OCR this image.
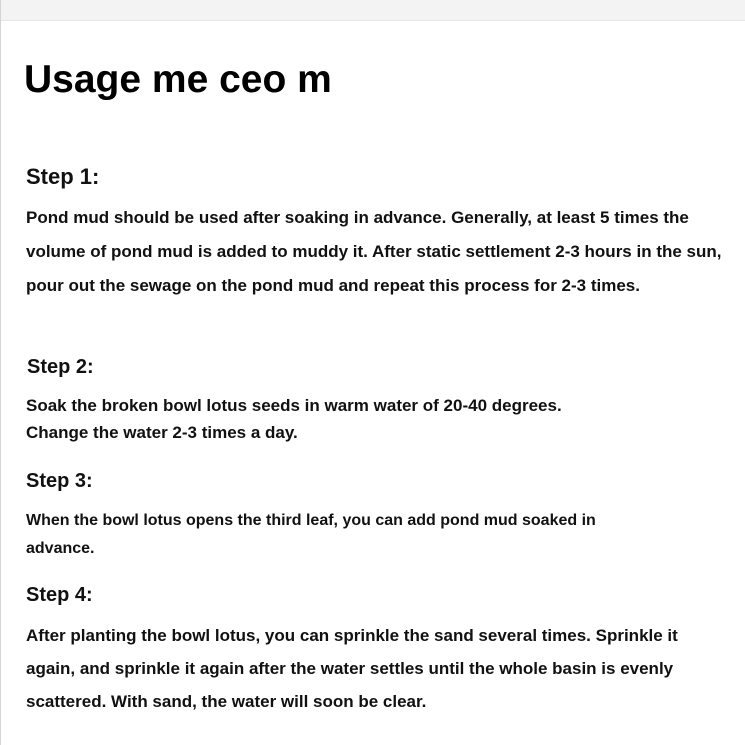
Usage me ceo m
Step 1:

Pond mud should be used after soaking in advance. Generally, at least 5 times the volume of pond mud is added to muddy it. After static settlement 2-3 hours in the sun, pour out the sewage on the pond mud and repeat this process for 2-3 times.

Step 2:

Soak the broken bowl lotus seeds in warm water of 20-40 degrees.
Change the water 2-3 times a day.

Step 3:

When the bowl lotus opens the third leaf, you can add pond mud soaked in advance.

Step 4:

After planting the bowl lotus, you can sprinkle the sand several times. Sprinkle it again, and sprinkle it again after the water settles until the whole basin is evenly scattered. With sand, the water will soon be clear.
